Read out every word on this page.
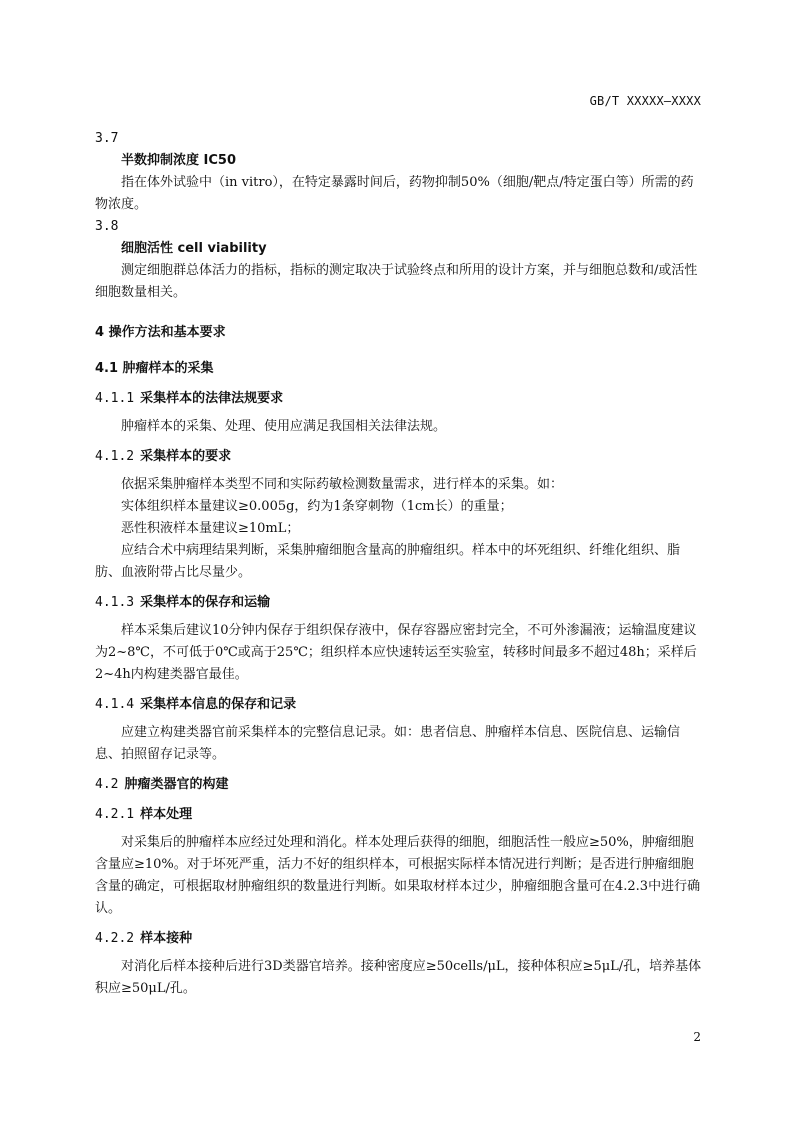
GB/T XXXXX—XXXX

3.7

半数抑制浓度 IC50

指在体外试验中（in vitro），在特定暴露时间后，药物抑制50%（细胞/靶点/特定蛋白等）所需的药物浓度。

3.8

细胞活性 cell viability

测定细胞群总体活力的指标，指标的测定取决于试验终点和所用的设计方案，并与细胞总数和/或活性细胞数量相关。

4 操作方法和基本要求

4.1 肿瘤样本的采集

4.1.1 采集样本的法律法规要求

肿瘤样本的采集、处理、使用应满足我国相关法律法规。

4.1.2 采集样本的要求

依据采集肿瘤样本类型不同和实际药敏检测数量需求，进行样本的采集。如：

实体组织样本量建议≥0.005g，约为1条穿刺物（1cm长）的重量；

恶性积液样本量建议≥10mL；

应结合术中病理结果判断，采集肿瘤细胞含量高的肿瘤组织。样本中的坏死组织、纤维化组织、脂肪、血液附带占比尽量少。

4.1.3 采集样本的保存和运输

样本采集后建议10分钟内保存于组织保存液中，保存容器应密封完全，不可外渗漏液；运输温度建议为2~8℃，不可低于0℃或高于25℃；组织样本应快速转运至实验室，转移时间最多不超过48h；采样后2~4h内构建类器官最佳。

4.1.4 采集样本信息的保存和记录

应建立构建类器官前采集样本的完整信息记录。如：患者信息、肿瘤样本信息、医院信息、运输信息、拍照留存记录等。

4.2 肿瘤类器官的构建

4.2.1 样本处理

对采集后的肿瘤样本应经过处理和消化。样本处理后获得的细胞，细胞活性一般应≥50%，肿瘤细胞含量应≥10%。对于坏死严重，活力不好的组织样本，可根据实际样本情况进行判断；是否进行肿瘤细胞含量的确定，可根据取材肿瘤组织的数量进行判断。如果取材样本过少，肿瘤细胞含量可在4.2.3中进行确认。

4.2.2 样本接种

对消化后样本接种后进行3D类器官培养。接种密度应≥50cells/μL，接种体积应≥5μL/孔，培养基体积应≥50μL/孔。

2
